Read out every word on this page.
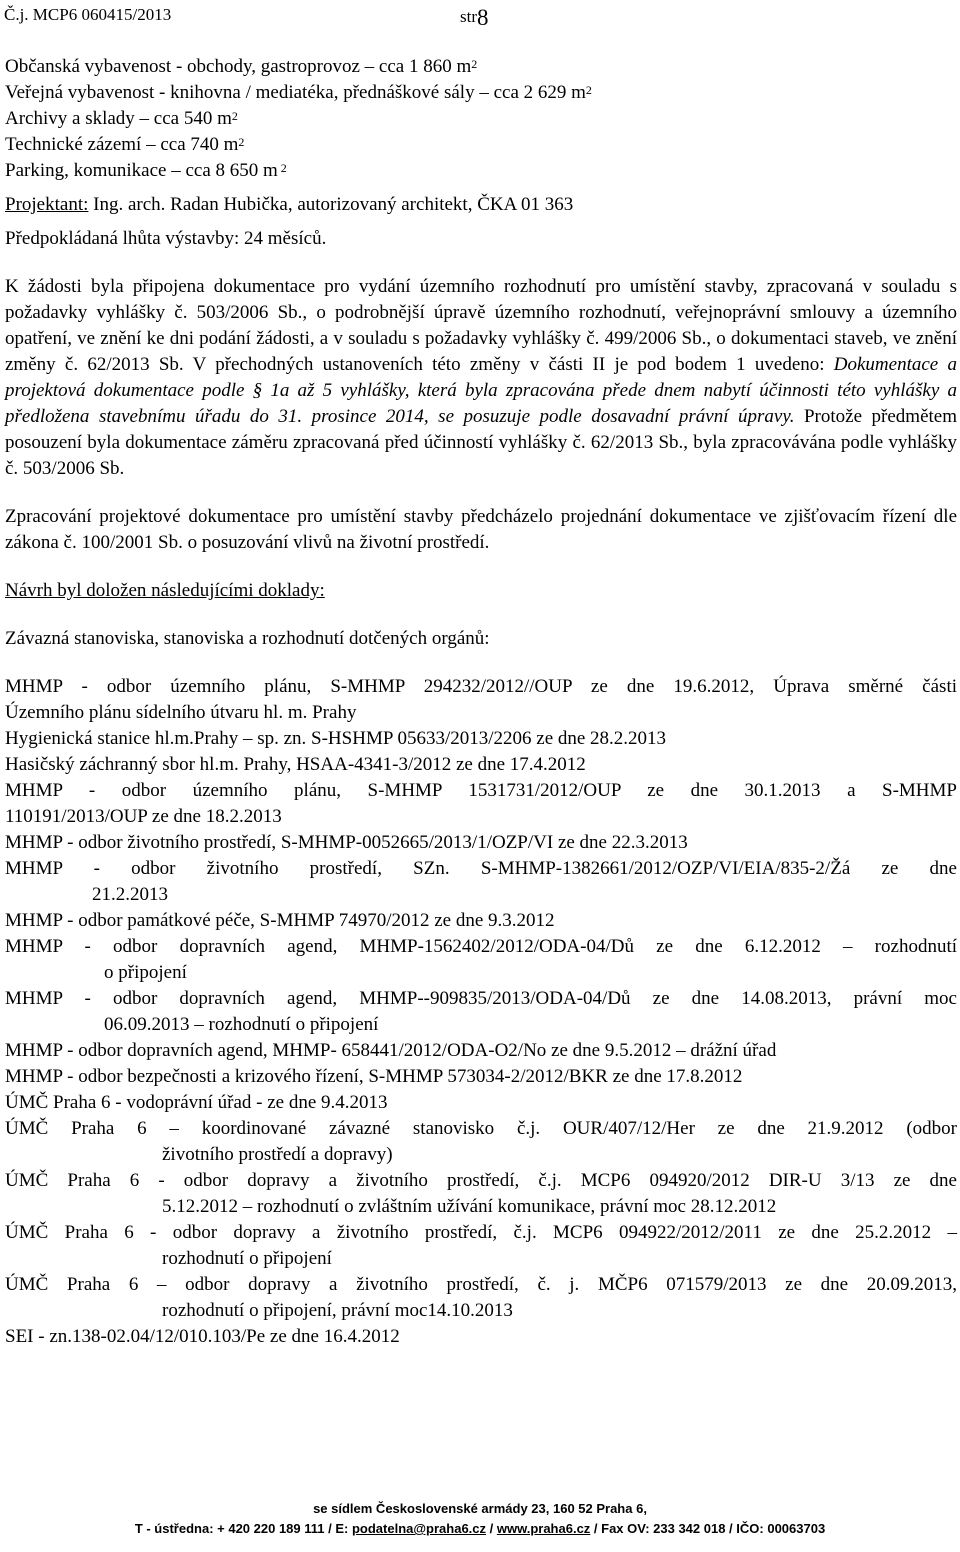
Č.j. MCP6 060415/2013	str8
Občanská vybavenost - obchody, gastroprovoz – cca 1 860 $m^2$
Veřejná vybavenost - knihovna / mediatéka, přednáškové sály – cca 2 629 $m^2$
Archivy a sklady – cca 540 $m^2$
Technické zázemí – cca 740 $m^2$
Parking, komunikace – cca 8 650 m $^2$
Projektant: Ing. arch. Radan Hubička, autorizovaný architekt, ČKA 01 363
Předpokládaná lhůta výstavby: 24 měsíců.

K žádosti byla připojena dokumentace pro vydání územního rozhodnutí pro umístění stavby, zpracovaná v souladu s požadavky vyhlášky č. 503/2006 Sb., o podrobnější úpravě územního rozhodnutí, veřejnoprávní smlouvy a územního opatření, ve znění ke dni podání žádosti, a v souladu s požadavky vyhlášky č. 499/2006 Sb., o dokumentaci staveb, ve znění změny č. 62/2013 Sb. V přechodných ustanoveních této změny v části II je pod bodem 1 uvedeno: Dokumentace a projektová dokumentace podle § 1a až 5 vyhlášky, která byla zpracována přede dnem nabytí účinnosti této vyhlášky a předložena stavebnímu úřadu do 31. prosince 2014, se posuzuje podle dosavadní právní úpravy. Protože předmětem posouzení byla dokumentace záměru zpracovaná před účinností vyhlášky č. 62/2013 Sb., byla zpracovávána podle vyhlášky č. 503/2006 Sb.

Zpracování projektové dokumentace pro umístění stavby předcházelo projednání dokumentace ve zjišťovacím řízení dle zákona č. 100/2001 Sb. o posuzování vlivů na životní prostředí.

Návrh byl doložen následujícími doklady:
Závazná stanoviska, stanoviska a rozhodnutí dotčených orgánů:
MHMP - odbor územního plánu, S-MHMP 294232/2012//OUP ze dne 19.6.2012, Úprava směrné části
Územního plánu sídelního útvaru hl. m. Prahy
Hygienická stanice hl.m.Prahy – sp. zn. S-HSHMP 05633/2013/2206 ze dne 28.2.2013
Hasičský záchranný sbor hl.m. Prahy, HSAA-4341-3/2012 ze dne 17.4.2012
MHMP - odbor územního plánu, S-MHMP 1531731/2012/OUP ze dne 30.1.2013 a S-MHMP
110191/2013/OUP ze dne 18.2.2013
MHMP - odbor životního prostředí, S-MHMP-0052665/2013/1/OZP/VI ze dne 22.3.2013
MHMP - odbor životního prostředí, SZn. S-MHMP-1382661/2012/OZP/VI/EIA/835-2/Žá ze dne
21.2.2013
MHMP - odbor památkové péče, S-MHMP 74970/2012 ze dne 9.3.2012
MHMP - odbor dopravních agend, MHMP-1562402/2012/ODA-04/Dů ze dne 6.12.2012 – rozhodnutí
o připojení
MHMP - odbor dopravních agend, MHMP--909835/2013/ODA-04/Dů ze dne 14.08.2013, právní moc
06.09.2013 – rozhodnutí o připojení
MHMP - odbor dopravních agend, MHMP- 658441/2012/ODA-O2/No ze dne 9.5.2012 – drážní úřad
MHMP - odbor bezpečnosti a krizového řízení, S-MHMP 573034-2/2012/BKR ze dne 17.8.2012
ÚMČ Praha 6 - vodoprávní úřad - ze dne 9.4.2013
ÚMČ Praha 6 – koordinované závazné stanovisko č.j. OUR/407/12/Her ze dne 21.9.2012 (odbor
životního prostředí a dopravy)
ÚMČ Praha 6 - odbor dopravy a životního prostředí, č.j. MCP6 094920/2012 DIR-U 3/13 ze dne
5.12.2012 – rozhodnutí o zvláštním užívání komunikace, právní moc 28.12.2012
ÚMČ Praha 6 - odbor dopravy a životního prostředí, č.j. MCP6 094922/2012/2011 ze dne 25.2.2012 –
rozhodnutí o připojení
ÚMČ Praha 6 – odbor dopravy a životního prostředí, č. j. MČP6 071579/2013 ze dne 20.09.2013,
rozhodnutí o připojení, právní moc14.10.2013
SEI - zn.138-02.04/12/010.103/Pe ze dne 16.4.2012
se sídlem Československé armády 23, 160 52 Praha 6,
T - ústředna: + 420 220 189 111 / E: podatelna@praha6.cz / www.praha6.cz / Fax OV: 233 342 018 / IČO: 00063703
